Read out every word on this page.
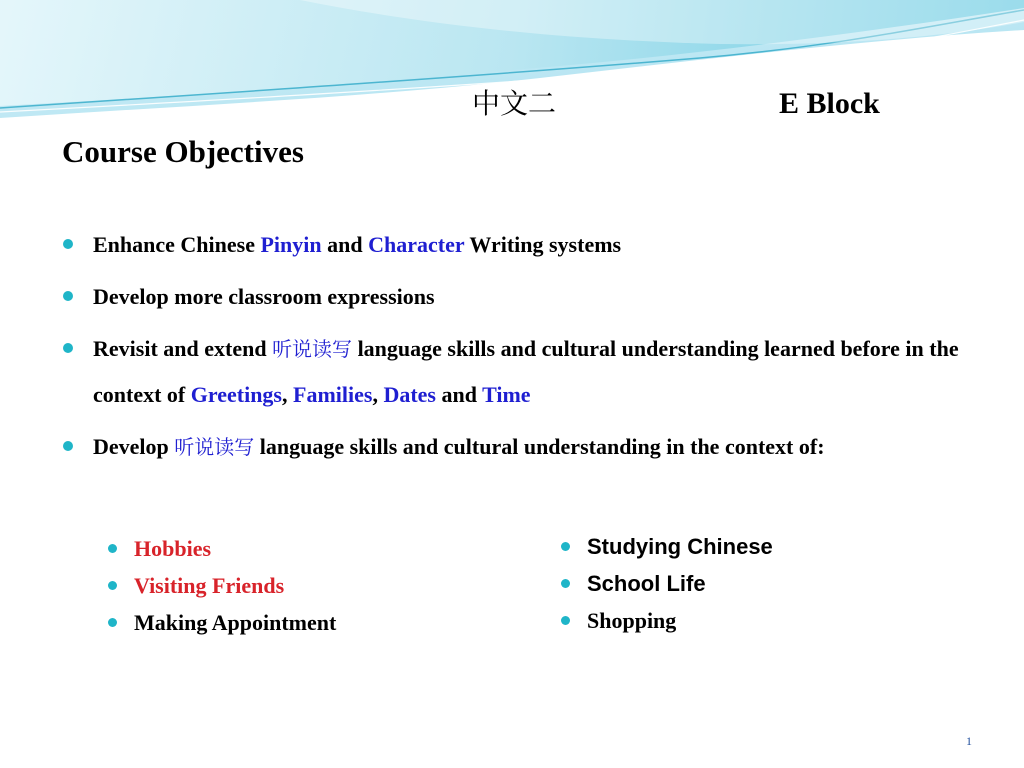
中文二	E Block
Course Objectives
Enhance Chinese Pinyin and Character Writing systems
Develop more classroom expressions
Revisit and extend 听说读写 language skills and cultural understanding learned before in the context of Greetings, Families, Dates and Time
Develop 听说读写 language skills and cultural understanding in the context of:
Hobbies
Visiting Friends
Making Appointment
Studying Chinese
School Life
Shopping
1
